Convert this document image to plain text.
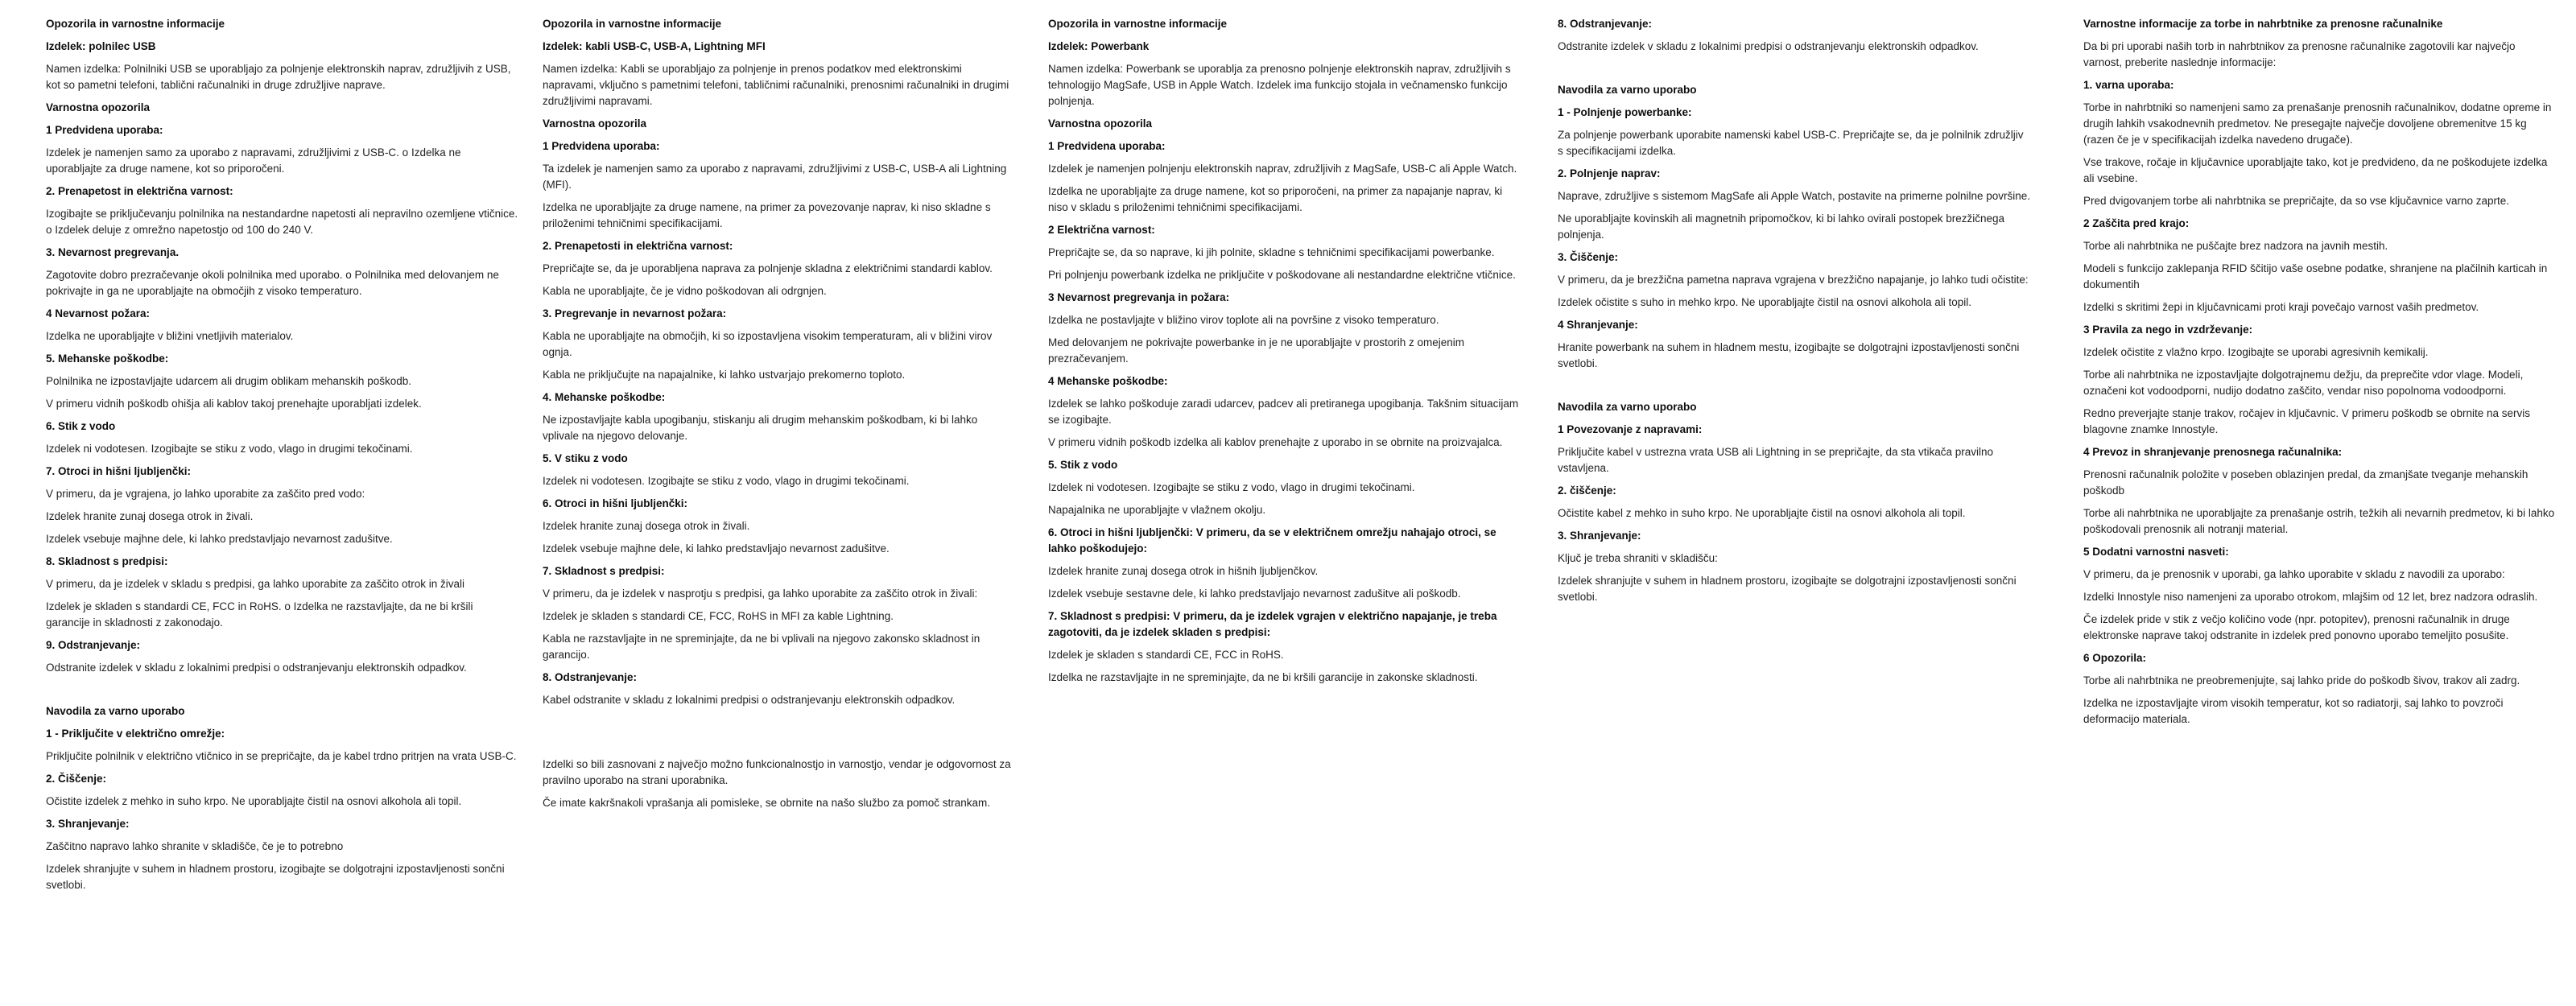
Opozorila in varnostne informacije
Izdelek: polnilec USB

Namen izdelka: Polnilniki USB se uporabljajo za polnjenje elektronskih naprav, združljivih z USB, kot so pametni telefoni, tablični računalniki in druge združljive naprave.

Varnostna opozorila
1 Predvidena uporaba:

Izdelek je namenjen samo za uporabo z napravami, združljivimi z USB-C. o Izdelka ne uporabljajte za druge namene, kot so priporočeni.

2. Prenapetost in električna varnost:

Izogibajte se priključevanju polnilnika na nestandardne napetosti ali nepravilno ozemljene vtičnice. o Izdelek deluje z omrežno napetostjo od 100 do 240 V.

3. Nevarnost pregrevanja.

Zagotovite dobro prezračevanje okoli polnilnika med uporabo. o Polnilnika med delovanjem ne pokrivajte in ga ne uporabljajte na območjih z visoko temperaturo.

4 Nevarnost požara:

Izdelka ne uporabljajte v bližini vnetljivih materialov.

5. Mehanske poškodbe:

Polnilnika ne izpostavljajte udarcem ali drugim oblikam mehanskih poškodb.

V primeru vidnih poškodb ohišja ali kablov takoj prenehajte uporabljati izdelek.

6. Stik z vodo

Izdelek ni vodotesen. Izogibajte se stiku z vodo, vlago in drugimi tekočinami.

7. Otroci in hišni ljubljenčki:

V primeru, da je vgrajena, jo lahko uporabite za zaščito pred vodo:

Izdelek hranite zunaj dosega otrok in živali.

Izdelek vsebuje majhne dele, ki lahko predstavljajo nevarnost zadušitve.

8. Skladnost s predpisi:

V primeru, da je izdelek v skladu s predpisi, ga lahko uporabite za zaščito otrok in živali

Izdelek je skladen s standardi CE, FCC in RoHS. o Izdelka ne razstavljajte, da ne bi kršili garancije in skladnosti z zakonodajo.

9. Odstranjevanje:

Odstranite izdelek v skladu z lokalnimi predpisi o odstranjevanju elektronskih odpadkov.

Navodila za varno uporabo
1 - Priključite v električno omrežje:

Priključite polnilnik v električno vtičnico in se prepričajte, da je kabel trdno pritrjen na vrata USB-C.

2. Čiščenje:

Očistite izdelek z mehko in suho krpo. Ne uporabljajte čistil na osnovi alkohola ali topil.

3. Shranjevanje:

Zaščitno napravo lahko shranite v skladišče, če je to potrebno

Izdelek shranjujte v suhem in hladnem prostoru, izogibajte se dolgotrajni izpostavljenosti sončni svetlobi.

Opozorila in varnostne informacije
Izdelek: kabli USB-C, USB-A, Lightning MFI

Namen izdelka: Kabli se uporabljajo za polnjenje in prenos podatkov med elektronskimi napravami, vključno s pametnimi telefoni, tabličnimi računalniki, prenosnimi računalniki in drugimi združljivimi napravami.

Varnostna opozorila
1 Predvidena uporaba:

Ta izdelek je namenjen samo za uporabo z napravami, združljivimi z USB-C, USB-A ali Lightning (MFI).

Izdelka ne uporabljajte za druge namene, na primer za povezovanje naprav, ki niso skladne s priloženimi tehničnimi specifikacijami.

2. Prenapetosti in električna varnost:

Prepričajte se, da je uporabljena naprava za polnjenje skladna z električnimi standardi kablov.

Kabla ne uporabljajte, če je vidno poškodovan ali odrgnjen.

3. Pregrevanje in nevarnost požara:

Kabla ne uporabljajte na območjih, ki so izpostavljena visokim temperaturam, ali v bližini virov ognja.

Kabla ne priključujte na napajalnike, ki lahko ustvarjajo prekomerno toploto.

4. Mehanske poškodbe:

Ne izpostavljajte kabla upogibanju, stiskanju ali drugim mehanskim poškodbam, ki bi lahko vplivale na njegovo delovanje.

5. V stiku z vodo

Izdelek ni vodotesen. Izogibajte se stiku z vodo, vlago in drugimi tekočinami.

6. Otroci in hišni ljubljenčki:

Izdelek hranite zunaj dosega otrok in živali.

Izdelek vsebuje majhne dele, ki lahko predstavljajo nevarnost zadušitve.

7. Skladnost s predpisi:

V primeru, da je izdelek v nasprotju s predpisi, ga lahko uporabite za zaščito otrok in živali:

Izdelek je skladen s standardi CE, FCC, RoHS in MFI za kable Lightning.

Kabla ne razstavljajte in ne spreminjajte, da ne bi vplivali na njegovo zakonsko skladnost in garancijo.

8. Odstranjevanje:

Kabel odstranite v skladu z lokalnimi predpisi o odstranjevanju elektronskih odpadkov.

Izdelki so bili zasnovani z največjo možno funkcionalnostjo in varnostjo, vendar je odgovornost za pravilno uporabo na strani uporabnika.

Če imate kakršnakoli vprašanja ali pomisleke, se obrnite na našo službo za pomoč strankam.

Opozorila in varnostne informacije
Izdelek: Powerbank

Namen izdelka: Powerbank se uporablja za prenosno polnjenje elektronskih naprav, združljivih s tehnologijo MagSafe, USB in Apple Watch. Izdelek ima funkcijo stojala in večnamensko funkcijo polnjenja.

Varnostna opozorila
1 Predvidena uporaba:

Izdelek je namenjen polnjenju elektronskih naprav, združljivih z MagSafe, USB-C ali Apple Watch.

Izdelka ne uporabljajte za druge namene, kot so priporočeni, na primer za napajanje naprav, ki niso v skladu s priloženimi tehničnimi specifikacijami.

2 Električna varnost:

Prepričajte se, da so naprave, ki jih polnite, skladne s tehničnimi specifikacijami powerbanke.

Pri polnjenju powerbank izdelka ne priključite v poškodovane ali nestandardne električne vtičnice.

3 Nevarnost pregrevanja in požara:

Izdelka ne postavljajte v bližino virov toplote ali na površine z visoko temperaturo.

Med delovanjem ne pokrivajte powerbanke in je ne uporabljajte v prostorih z omejenim prezračevanjem.

4 Mehanske poškodbe:

Izdelek se lahko poškoduje zaradi udarcev, padcev ali pretiranega upogibanja. Takšnim situacijam se izogibajte.

V primeru vidnih poškodb izdelka ali kablov prenehajte z uporabo in se obrnite na proizvajalca.

5. Stik z vodo

Izdelek ni vodotesen. Izogibajte se stiku z vodo, vlago in drugimi tekočinami.

Napajalnika ne uporabljajte v vlažnem okolju.

6. Otroci in hišni ljubljenčki: V primeru, da se v električnem omrežju nahajajo otroci, se lahko poškodujejo:

Izdelek hranite zunaj dosega otrok in hišnih ljubljenčkov.

Izdelek vsebuje sestavne dele, ki lahko predstavljajo nevarnost zadušitve ali poškodb.

7. Skladnost s predpisi: V primeru, da je izdelek vgrajen v električno napajanje, je treba zagotoviti, da je izdelek skladen s predpisi:

Izdelek je skladen s standardi CE, FCC in RoHS.

Izdelka ne razstavljajte in ne spreminjajte, da ne bi kršili garancije in zakonske skladnosti.

8. Odstranjevanje:

Odstranite izdelek v skladu z lokalnimi predpisi o odstranjevanju elektronskih odpadkov.

Navodila za varno uporabo
1 - Polnjenje powerbanke:

Za polnjenje powerbank uporabite namenski kabel USB-C. Prepričajte se, da je polnilnik združljiv s specifikacijami izdelka.

2. Polnjenje naprav:

Naprave, združljive s sistemom MagSafe ali Apple Watch, postavite na primerne polnilne površine.

Ne uporabljajte kovinskih ali magnetnih pripomočkov, ki bi lahko ovirali postopek brezžičnega polnjenja.

3. Čiščenje:

V primeru, da je brezžična pametna naprava vgrajena v brezžično napajanje, jo lahko tudi očistite:

Izdelek očistite s suho in mehko krpo. Ne uporabljajte čistil na osnovi alkohola ali topil.

4 Shranjevanje:

Hranite powerbank na suhem in hladnem mestu, izogibajte se dolgotrajni izpostavljenosti sončni svetlobi.

Navodila za varno uporabo
1 Povezovanje z napravami:

Priključite kabel v ustrezna vrata USB ali Lightning in se prepričajte, da sta vtikača pravilno vstavljena.

2. čiščenje:

Očistite kabel z mehko in suho krpo. Ne uporabljajte čistil na osnovi alkohola ali topil.

3. Shranjevanje:

Ključ je treba shraniti v skladišču:

Izdelek shranjujte v suhem in hladnem prostoru, izogibajte se dolgotrajni izpostavljenosti sončni svetlobi.

Varnostne informacije za torbe in nahrbtnike za prenosne računalnike

Da bi pri uporabi naših torb in nahrbtnikov za prenosne računalnike zagotovili kar največjo varnost, preberite naslednje informacije:

1. varna uporaba:

Torbe in nahrbtniki so namenjeni samo za prenašanje prenosnih računalnikov, dodatne opreme in drugih lahkih vsakodnevnih predmetov. Ne presegajte največje dovoljene obremenitve 15 kg (razen če je v specifikacijah izdelka navedeno drugače).

Vse trakove, ročaje in ključavnice uporabljajte tako, kot je predvideno, da ne poškodujete izdelka ali vsebine.

Pred dvigovanjem torbe ali nahrbtnika se prepričajte, da so vse ključavnice varno zaprte.

2 Zaščita pred krajo:

Torbe ali nahrbtnika ne puščajte brez nadzora na javnih mestih.

Modeli s funkcijo zaklepanja RFID ščitijo vaše osebne podatke, shranjene na plačilnih karticah in dokumentih

Izdelki s skritimi žepi in ključavnicami proti kraji povečajo varnost vaših predmetov.

3 Pravila za nego in vzdrževanje:

Izdelek očistite z vlažno krpo. Izogibajte se uporabi agresivnih kemikalij.

Torbe ali nahrbtnika ne izpostavljajte dolgotrajnemu dežju, da preprečite vdor vlage. Modeli, označeni kot vodoodporni, nudijo dodatno zaščito, vendar niso popolnoma vodoodporni.

Redno preverjajte stanje trakov, ročajev in ključavnic. V primeru poškodb se obrnite na servis blagovne znamke Innostyle.

4 Prevoz in shranjevanje prenosnega računalnika:

Prenosni računalnik položite v poseben oblazinjen predal, da zmanjšate tveganje mehanskih poškodb

Torbe ali nahrbtnika ne uporabljajte za prenašanje ostrih, težkih ali nevarnih predmetov, ki bi lahko poškodovali prenosnik ali notranji material.

5 Dodatni varnostni nasveti:

V primeru, da je prenosnik v uporabi, ga lahko uporabite v skladu z navodili za uporabo:

Izdelki Innostyle niso namenjeni za uporabo otrokom, mlajšim od 12 let, brez nadzora odraslih.

Če izdelek pride v stik z večjo količino vode (npr. potopitev), prenosni računalnik in druge elektronske naprave takoj odstranite in izdelek pred ponovno uporabo temeljito posušite.

6 Opozorila:

Torbe ali nahrbtnika ne preobremenjujte, saj lahko pride do poškodb šivov, trakov ali zadrg.

Izdelka ne izpostavljajte virom visokih temperatur, kot so radiatorji, saj lahko to povzroči deformacijo materiala.
